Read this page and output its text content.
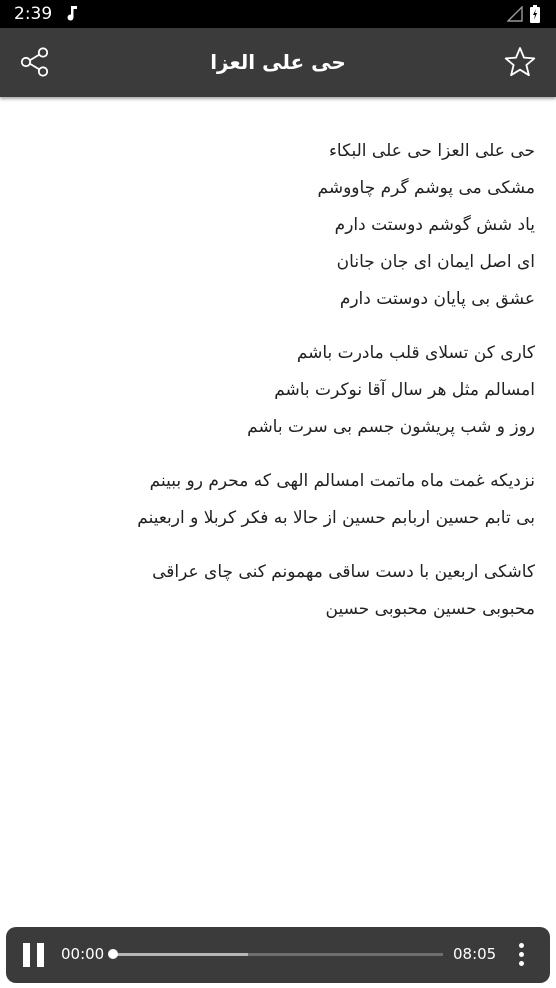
2:39
حی علی العزا
حی علی العزا حی علی البکاء
مشکی می پوشم گرم چاووشم
یاد شش گوشم دوستت دارم
ای اصل ایمان ای جان جانان
عشق بی پایان دوستت دارم
کاری کن تسلای قلب مادرت باشم
امسالم مثل هر سال آقا نوکرت باشم
روز و شب پریشون جسم بی سرت باشم
نزدیکه غمت ماه ماتمت امسالم الهی که محرم رو ببینم
بی تابم حسین اربابم حسین از حالا به فکر کربلا و اربعینم
کاشکی اربعین با دست ساقی مهمونم کنی چای عراقی
محبوبی حسین محبوبی حسین
00:00	08:05
